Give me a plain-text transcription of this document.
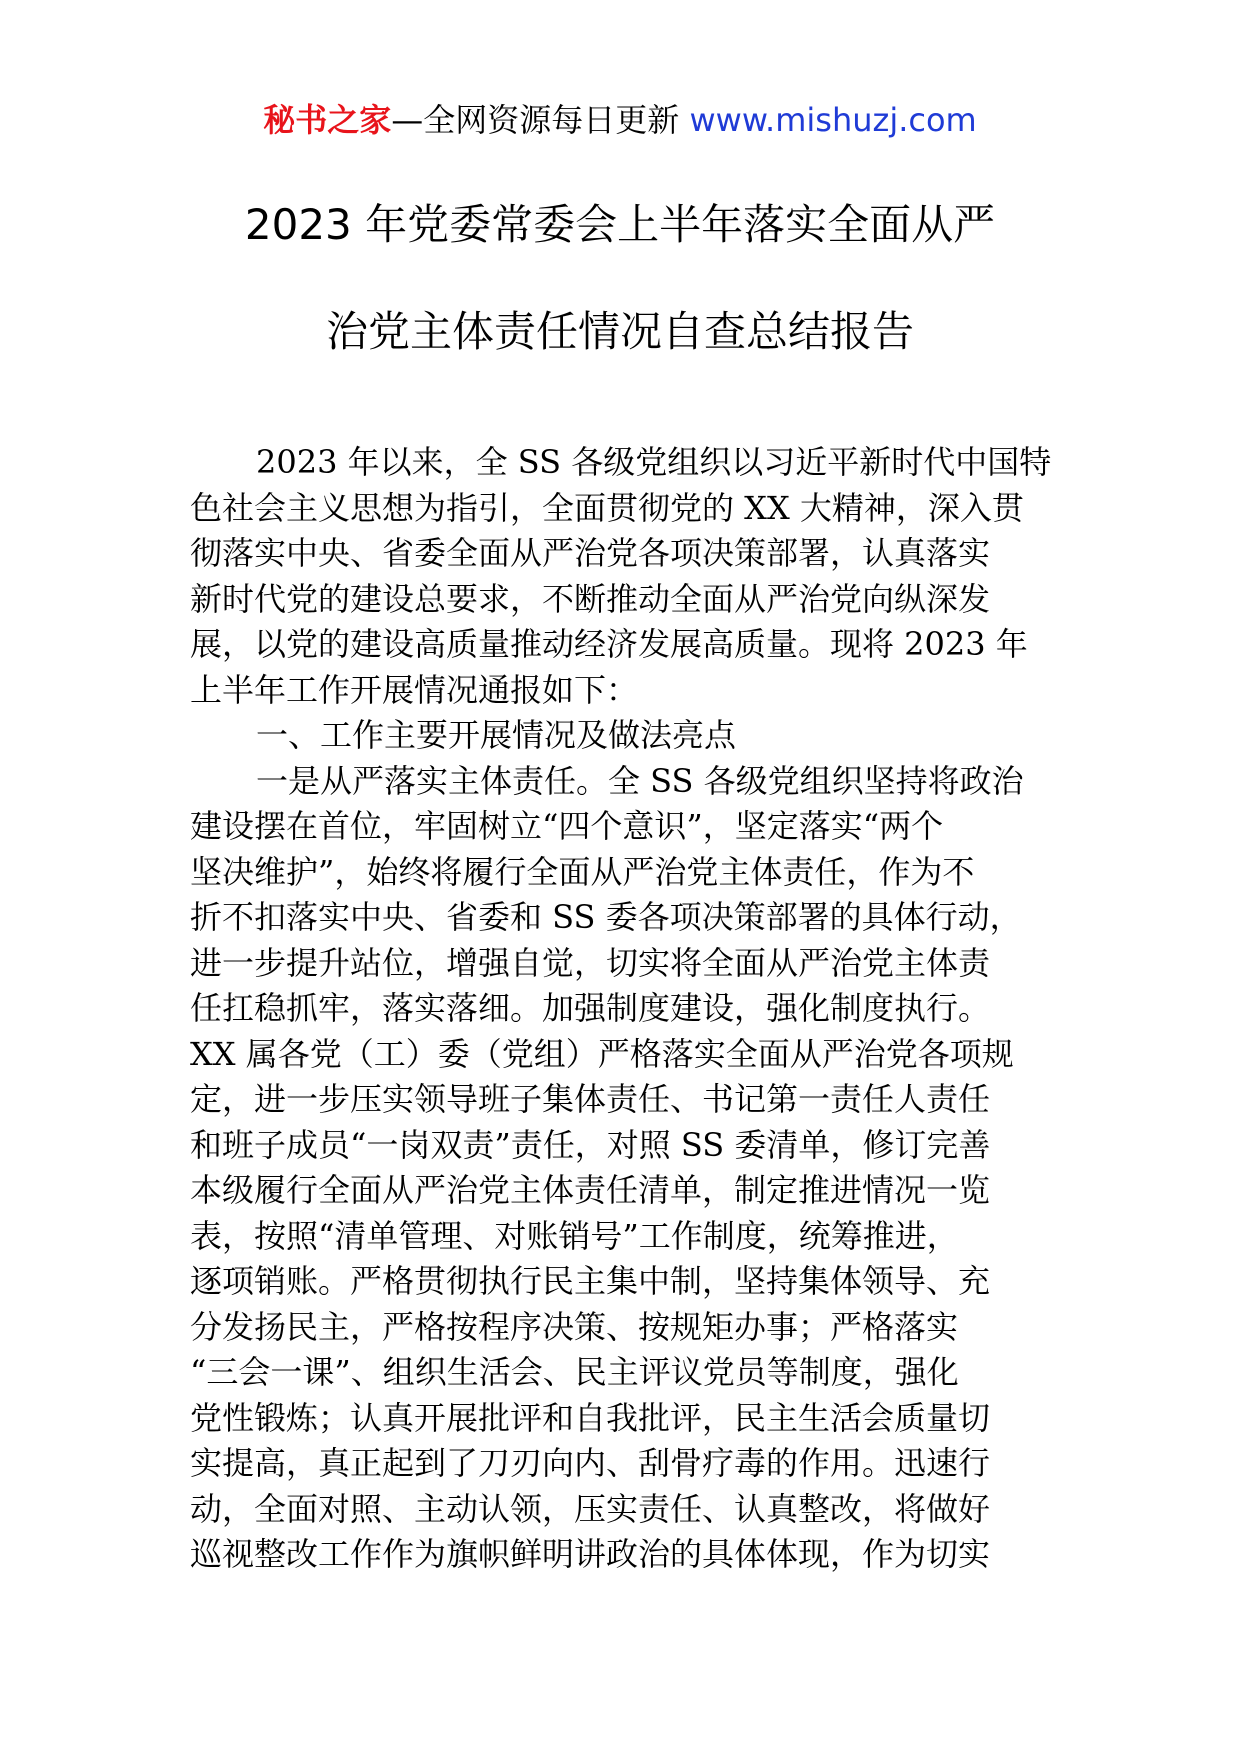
秘书之家—全网资源每日更新 www.mishuzj.com
2023 年党委常委会上半年落实全面从严
治党主体责任情况自查总结报告
2023 年以来，全 SS 各级党组织以习近平新时代中国特
色社会主义思想为指引，全面贯彻党的 XX 大精神，深入贯
彻落实中央、省委全面从严治党各项决策部署，认真落实
新时代党的建设总要求，不断推动全面从严治党向纵深发
展，以党的建设高质量推动经济发展高质量。现将 2023 年
上半年工作开展情况通报如下：
一、工作主要开展情况及做法亮点
一是从严落实主体责任。全 SS 各级党组织坚持将政治
建设摆在首位，牢固树立“四个意识”，坚定落实“两个
坚决维护”，始终将履行全面从严治党主体责任，作为不
折不扣落实中央、省委和 SS 委各项决策部署的具体行动，
进一步提升站位，增强自觉，切实将全面从严治党主体责
任扛稳抓牢，落实落细。加强制度建设，强化制度执行。
XX 属各党（工）委（党组）严格落实全面从严治党各项规
定，进一步压实领导班子集体责任、书记第一责任人责任
和班子成员“一岗双责”责任，对照 SS 委清单，修订完善
本级履行全面从严治党主体责任清单，制定推进情况一览
表，按照“清单管理、对账销号”工作制度，统筹推进，
逐项销账。严格贯彻执行民主集中制，坚持集体领导、充
分发扬民主，严格按程序决策、按规矩办事；严格落实
“三会一课”、组织生活会、民主评议党员等制度，强化
党性锻炼；认真开展批评和自我批评，民主生活会质量切
实提高，真正起到了刀刃向内、刮骨疗毒的作用。迅速行
动，全面对照、主动认领，压实责任、认真整改，将做好
巡视整改工作作为旗帜鲜明讲政治的具体体现，作为切实
